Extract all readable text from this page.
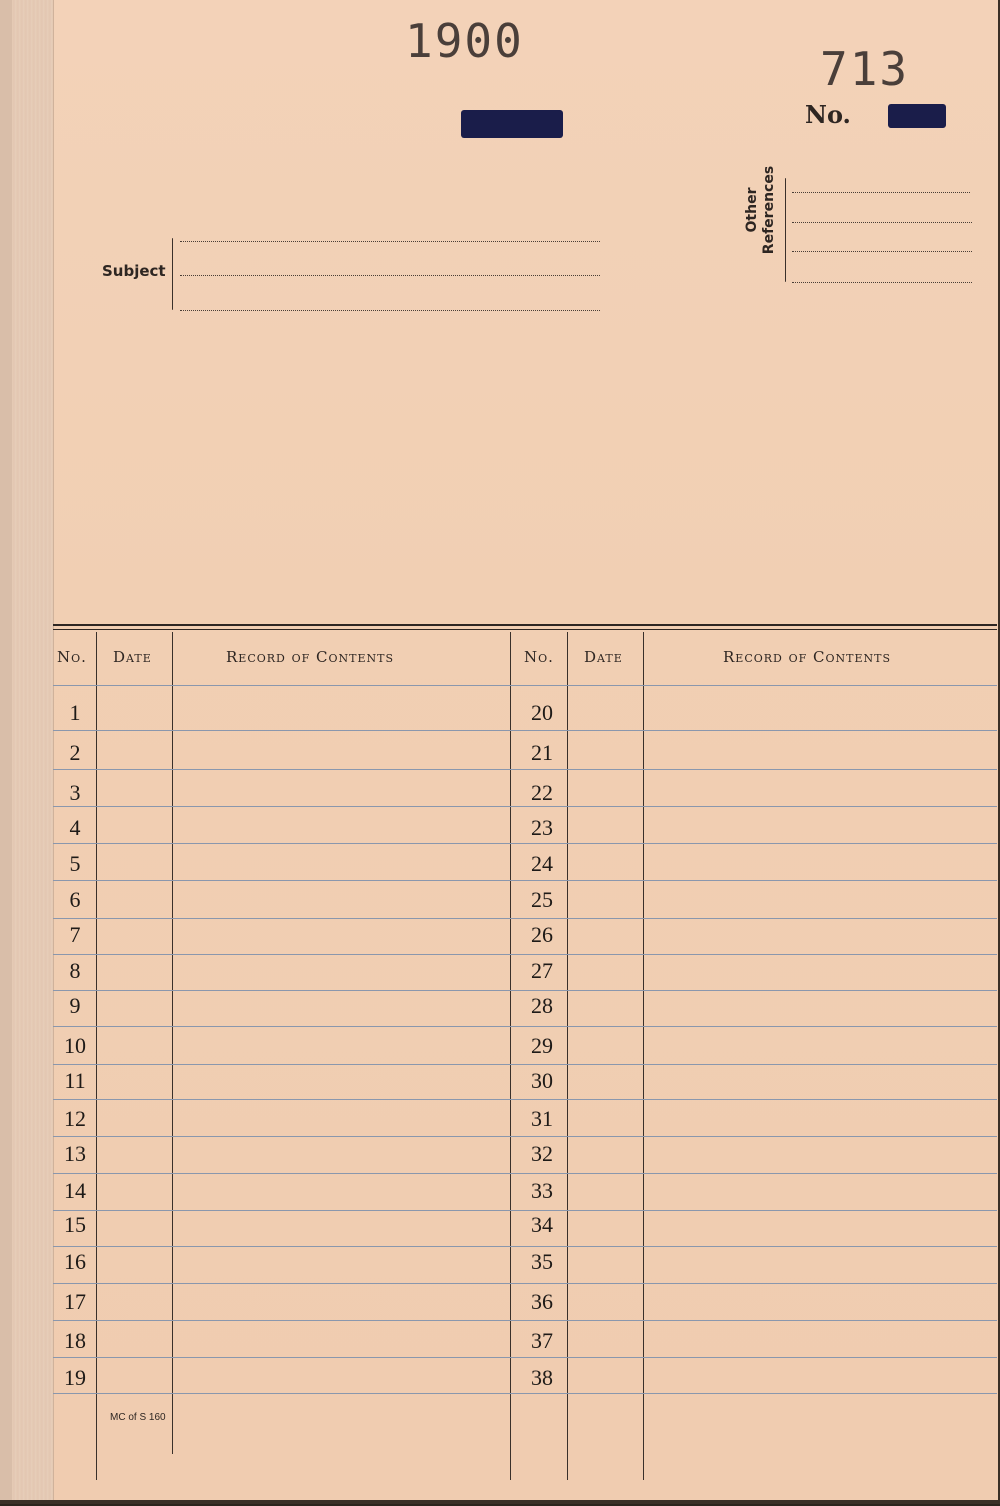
1900
713
No.
Subject
Other
References
No. Date	Record of Contents	No. Date	Record of Contents
1	20
2	21
3	22
4	23
5	24
6	25
7	26
8	27
9	28
10	29
11	30
12	31
13	32
14	33
15	34
16	35
17	36
18	37
19	38
MC of S 160
